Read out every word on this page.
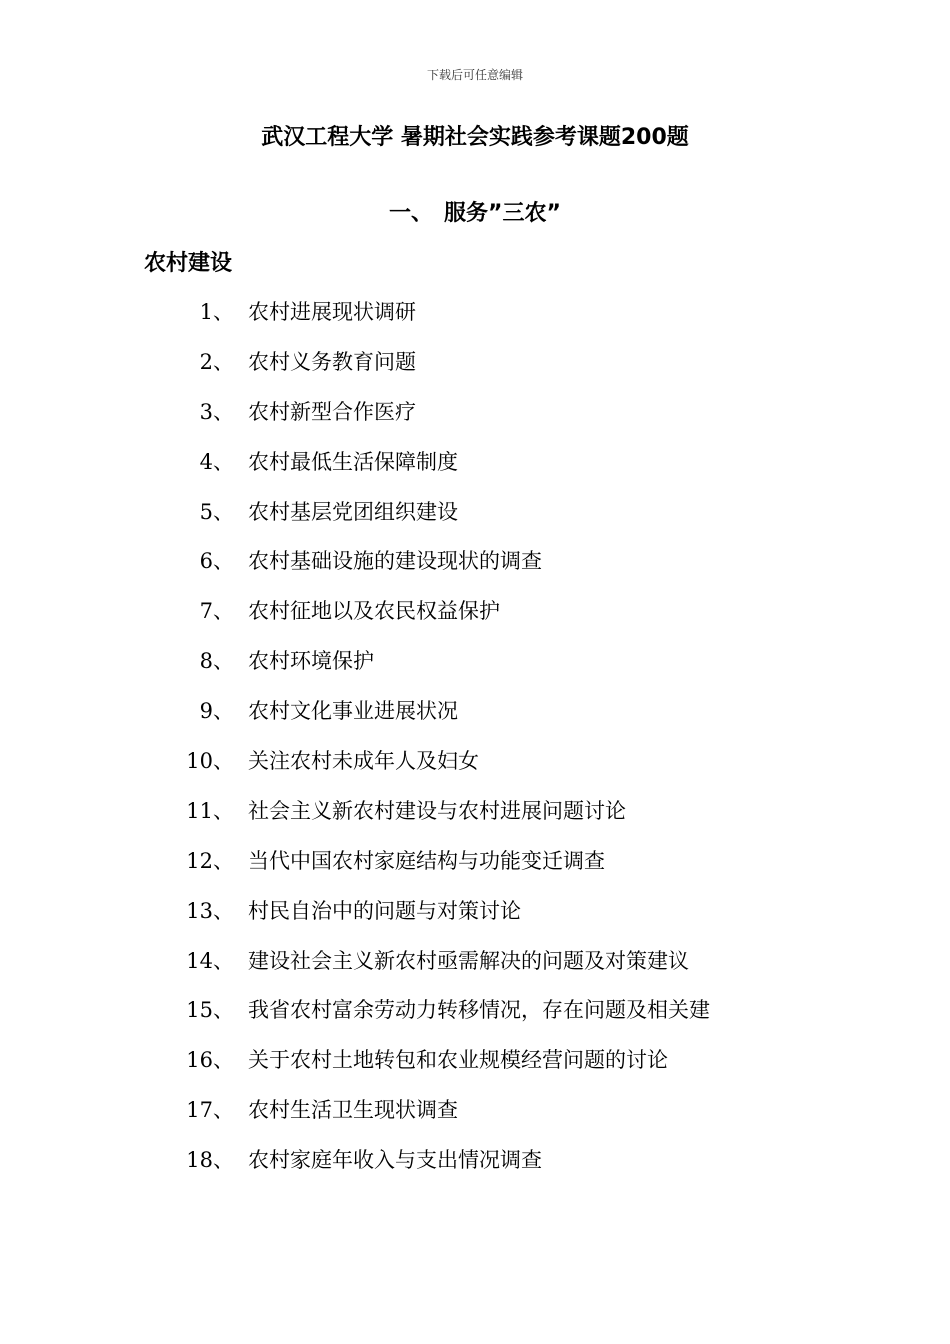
下载后可任意编辑
武汉工程大学 暑期社会实践参考课题200题
一、　服务”三农”
农村建设
1、 农村进展现状调研
2、 农村义务教育问题
3、 农村新型合作医疗
4、 农村最低生活保障制度
5、 农村基层党团组织建设
6、 农村基础设施的建设现状的调查
7、 农村征地以及农民权益保护
8、 农村环境保护
9、 农村文化事业进展状况
10、 关注农村未成年人及妇女
11、 社会主义新农村建设与农村进展问题讨论
12、 当代中国农村家庭结构与功能变迁调查
13、 村民自治中的问题与对策讨论
14、 建设社会主义新农村亟需解决的问题及对策建议
15、 我省农村富余劳动力转移情况，存在问题及相关建
16、 关于农村土地转包和农业规模经营问题的讨论
17、 农村生活卫生现状调查
18、 农村家庭年收入与支出情况调查
